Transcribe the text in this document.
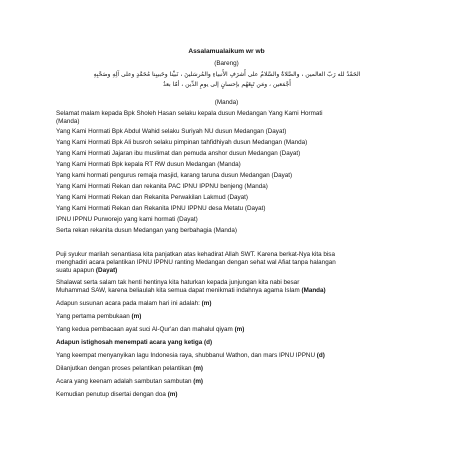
Assalamualaikum wr wb
(Bareng)
الحَمْدُ لله رَبّ العالمين ، والصَّلاةُ والسَّلامُ على أَشرَفِ الأَنبياءِ والمُرسَلينَ ، نَبيِّنا وحَبيبِنا مُحَمَّدٍ وعلى آلِهِ وصَحْبِهِ
أَجْمَعين ، ومَن تَبِعَهُم بإحسانٍ إلى يومِ الدِّين ، أمّا بعدُ
(Manda)
Selamat malam kepada Bpk Sholeh Hasan selaku kepala dusun Medangan Yang Kami Hormati
(Manda)
Yang Kami Hormati Bpk Abdul Wahid selaku Suriyah NU dusun Medangan (Dayat)
Yang Kami Hormati Bpk Ali busroh selaku pimpinan tahfidhiyah dusun Medangan (Manda)
Yang Kami Hormati Jajaran ibu muslimat dan pemuda anshor dusun Medangan (Dayat)
Yang Kami Hormati Bpk kepala RT RW dusun Medangan (Manda)
Yang kami hormati pengurus remaja masjid, karang taruna dusun Medangan (Dayat)
Yang Kami Hormati Rekan dan rekanita PAC IPNU IPPNU benjeng (Manda)
Yang Kami Hormati Rekan dan Rekanita Perwakilan Lakmud (Dayat)
Yang Kami Hormati Rekan dan Rekanita IPNU IPPNU desa Metatu (Dayat)
IPNU IPPNU Purworejo yang kami hormati (Dayat)
Serta rekan rekanita dusun Medangan yang berbahagia (Manda)
Puji syukur marilah senantiasa kita panjatkan atas kehadirat Allah SWT. Karena berkat-Nya kita bisa
menghadiri acara pelantikan IPNU IPPNU ranting Medangan dengan sehat wal Afiat tanpa halangan
suatu apapun (Dayat)
Shalawat serta salam tak henti hentinya kita haturkan kepada junjungan kita nabi besar
Muhammad SAW, karena beliaulah kita semua dapat menikmati indahnya agama Islam (Manda)
Adapun susunan acara pada malam hari ini adalah: (m)
Yang pertama pembukaan (m)
Yang kedua pembacaan ayat suci Al-Qur'an dan mahalul qiyam (m)
Adapun istighosah menempati acara yang ketiga (d)
Yang keempat menyanyikan lagu Indonesia raya, shubbanul Wathon, dan mars IPNU IPPNU (d)
Dilanjutkan dengan proses pelantikan pelantikan (m)
Acara yang keenam adalah sambutan sambutan (m)
Kemudian penutup disertai dengan doa (m)
